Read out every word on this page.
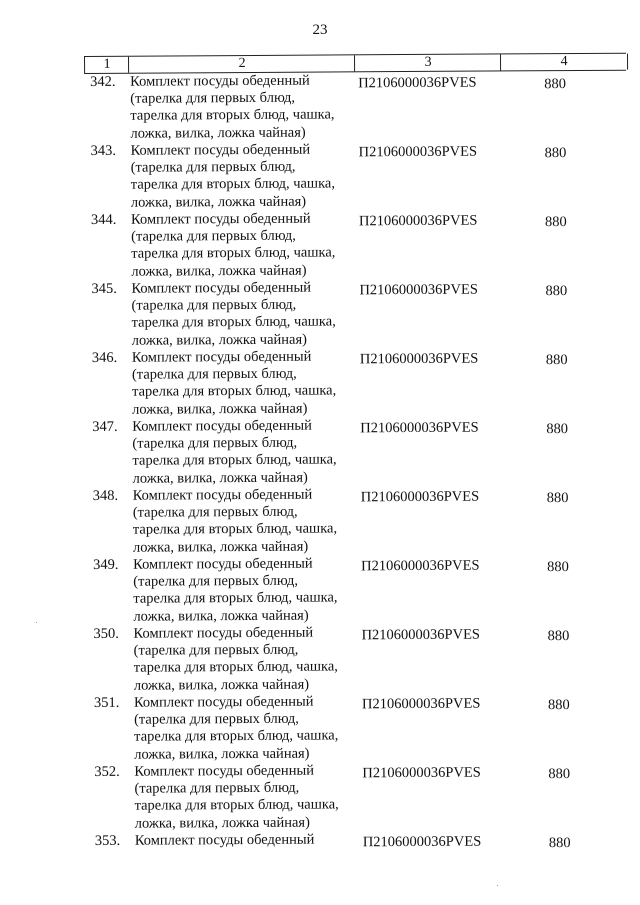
23
1	2	3	4
342.	Комплект посуды обеденный
(тарелка для первых блюд,
тарелка для вторых блюд, чашка,
ложка, вилка, ложка чайная)
П2106000036PVES	880
343.	Комплект посуды обеденный
(тарелка для первых блюд,
тарелка для вторых блюд, чашка,
ложка, вилка, ложка чайная)
П2106000036PVES	880
344.	Комплект посуды обеденный
(тарелка для первых блюд,
тарелка для вторых блюд, чашка,
ложка, вилка, ложка чайная)
П2106000036PVES	880
345.	Комплект посуды обеденный
(тарелка для первых блюд,
тарелка для вторых блюд, чашка,
ложка, вилка, ложка чайная)
П2106000036PVES	880
346.	Комплект посуды обеденный
(тарелка для первых блюд,
тарелка для вторых блюд, чашка,
ложка, вилка, ложка чайная)
П2106000036PVES	880
347.	Комплект посуды обеденный
(тарелка для первых блюд,
тарелка для вторых блюд, чашка,
ложка, вилка, ложка чайная)
П2106000036PVES	880
348.	Комплект посуды обеденный
(тарелка для первых блюд,
тарелка для вторых блюд, чашка,
ложка, вилка, ложка чайная)
П2106000036PVES	880
349.	Комплект посуды обеденный
(тарелка для первых блюд,
тарелка для вторых блюд, чашка,
ложка, вилка, ложка чайная)
П2106000036PVES	880
350.	Комплект посуды обеденный
(тарелка для первых блюд,
тарелка для вторых блюд, чашка,
ложка, вилка, ложка чайная)
П2106000036PVES	880
351.	Комплект посуды обеденный
(тарелка для первых блюд,
тарелка для вторых блюд, чашка,
ложка, вилка, ложка чайная)
П2106000036PVES	880
352.	Комплект посуды обеденный
(тарелка для первых блюд,
тарелка для вторых блюд, чашка,
ложка, вилка, ложка чайная)
П2106000036PVES	880
353.	Комплект посуды обеденный	П2106000036PVES	880
